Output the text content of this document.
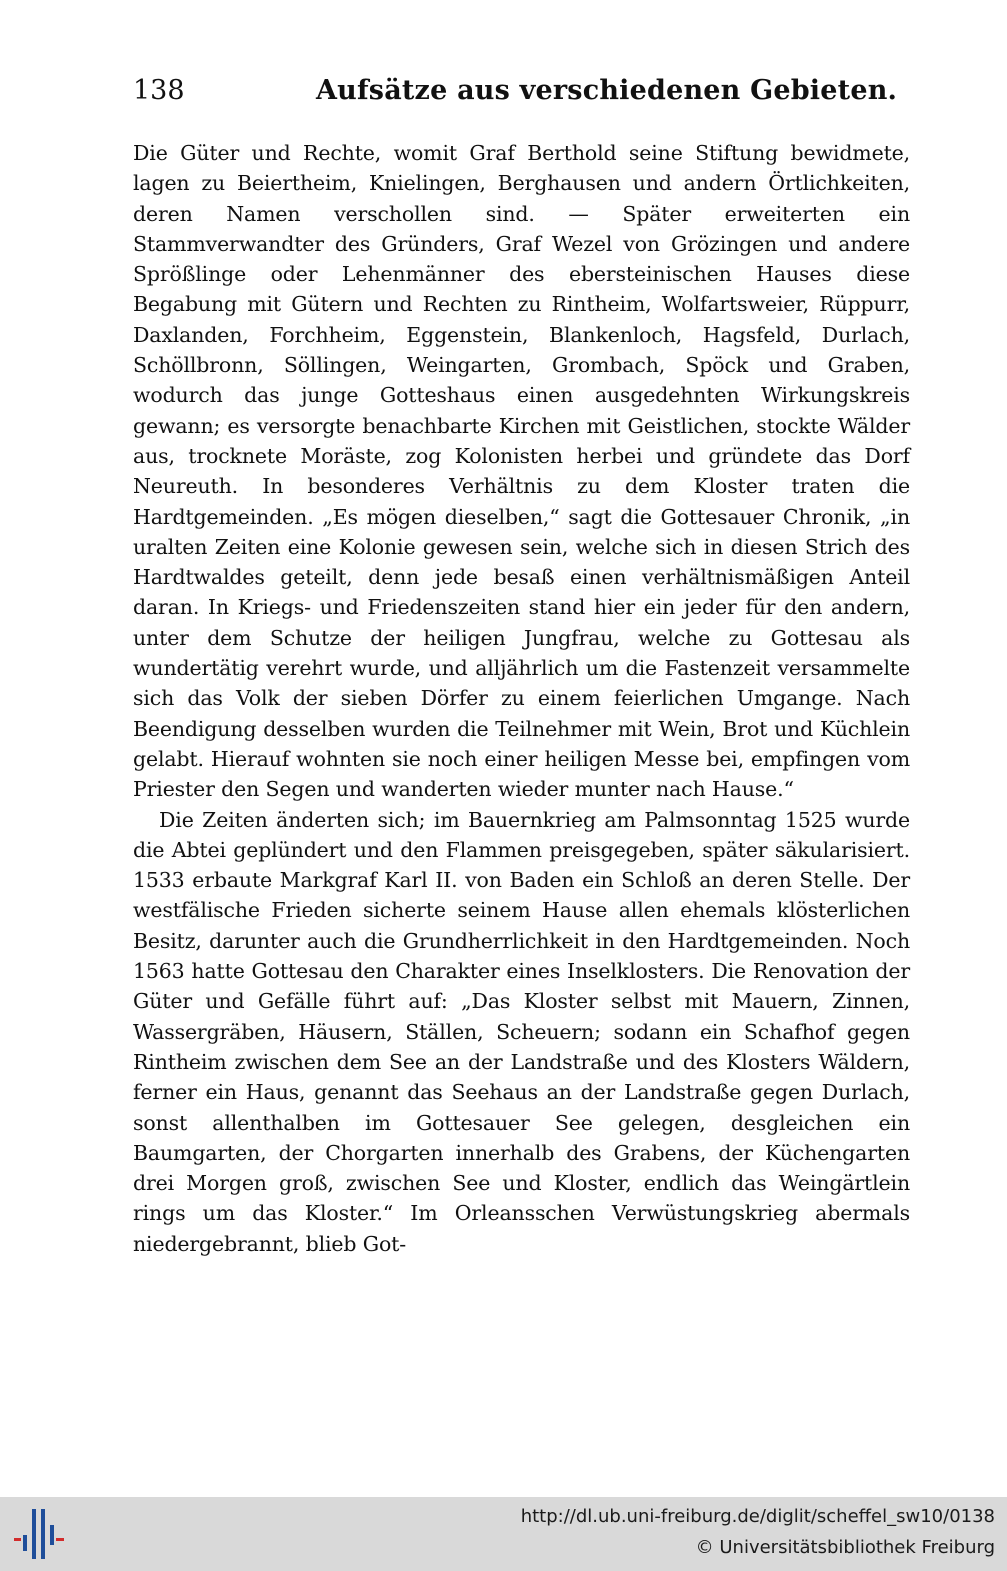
138	Aufsätze aus verschiedenen Gebieten.

Die Güter und Rechte, womit Graf Berthold seine Stiftung bewidmete, lagen zu Beiertheim, Knielingen, Berghausen und andern Örtlichkeiten, deren Namen verschollen sind. — Später erweiterten ein Stammverwandter des Gründers, Graf Wezel von Grözingen und andere Sprößlinge oder Lehenmänner des ebersteinischen Hauses diese Begabung mit Gütern und Rechten zu Rintheim, Wolfartsweier, Rüppurr, Daxlanden, Forchheim, Eggenstein, Blankenloch, Hagsfeld, Durlach, Schöllbronn, Söllingen, Weingarten, Grombach, Spöck und Graben, wodurch das junge Gotteshaus einen ausgedehnten Wirkungskreis gewann; es versorgte benachbarte Kirchen mit Geistlichen, stockte Wälder aus, trocknete Moräste, zog Kolonisten herbei und gründete das Dorf Neureuth. In besonderes Verhältnis zu dem Kloster traten die Hardtgemeinden. „Es mögen dieselben,“ sagt die Gottesauer Chronik, „in uralten Zeiten eine Kolonie gewesen sein, welche sich in diesen Strich des Hardtwaldes geteilt, denn jede besaß einen verhältnismäßigen Anteil daran. In Kriegs- und Friedenszeiten stand hier ein jeder für den andern, unter dem Schutze der heiligen Jungfrau, welche zu Gottesau als wundertätig verehrt wurde, und alljährlich um die Fastenzeit versammelte sich das Volk der sieben Dörfer zu einem feierlichen Umgange. Nach Beendigung desselben wurden die Teilnehmer mit Wein, Brot und Küchlein gelabt. Hierauf wohnten sie noch einer heiligen Messe bei, empfingen vom Priester den Segen und wanderten wieder munter nach Hause.“

Die Zeiten änderten sich; im Bauernkrieg am Palmsonntag 1525 wurde die Abtei geplündert und den Flammen preisgegeben, später säkularisiert. 1533 erbaute Markgraf Karl II. von Baden ein Schloß an deren Stelle. Der westfälische Frieden sicherte seinem Hause allen ehemals klösterlichen Besitz, darunter auch die Grundherrlichkeit in den Hardtgemeinden. Noch 1563 hatte Gottesau den Charakter eines Inselklosters. Die Renovation der Güter und Gefälle führt auf: „Das Kloster selbst mit Mauern, Zinnen, Wassergräben, Häusern, Ställen, Scheuern; sodann ein Schafhof gegen Rintheim zwischen dem See an der Landstraße und des Klosters Wäldern, ferner ein Haus, genannt das Seehaus an der Landstraße gegen Durlach, sonst allenthalben im Gottesauer See gelegen, desgleichen ein Baumgarten, der Chorgarten innerhalb des Grabens, der Küchengarten drei Morgen groß, zwischen See und Kloster, endlich das Weingärtlein rings um das Kloster.“ Im Orleansschen Verwüstungskrieg abermals niedergebrannt, blieb Got-

http://dl.ub.uni-freiburg.de/diglit/scheffel_sw10/0138
© Universitätsbibliothek Freiburg
